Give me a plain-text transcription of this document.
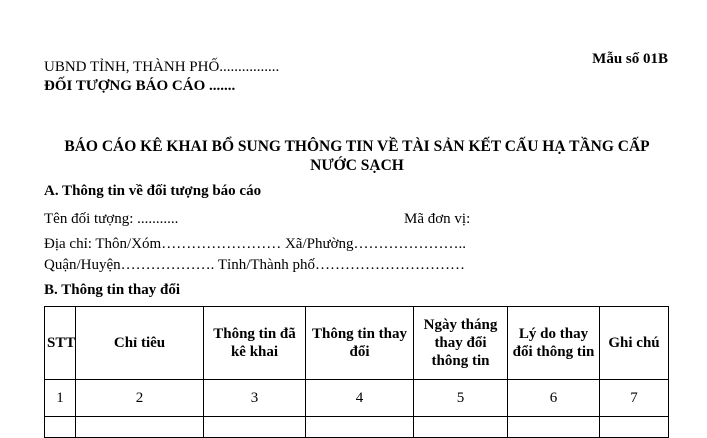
Mẫu số 01B
UBND TỈNH, THÀNH PHỐ................
ĐỐI TƯỢNG BÁO CÁO .......
BÁO CÁO KÊ KHAI BỔ SUNG THÔNG TIN VỀ TÀI SẢN KẾT CẤU HẠ TẦNG CẤP NƯỚC SẠCH
A. Thông tin về đối tượng báo cáo
Tên đối tượng: ...........	Mã đơn vị:
Địa chỉ: Thôn/Xóm…………………… Xã/Phường…………………..
Quận/Huyện………………. Tỉnh/Thành phố…………………………
B. Thông tin thay đổi
STT	Chỉ tiêu	Thông tin đã kê khai	Thông tin thay đổi	Ngày tháng thay đổi thông tin	Lý do thay đổi thông tin	Ghi chú
1	2	3	4	5	6	7
